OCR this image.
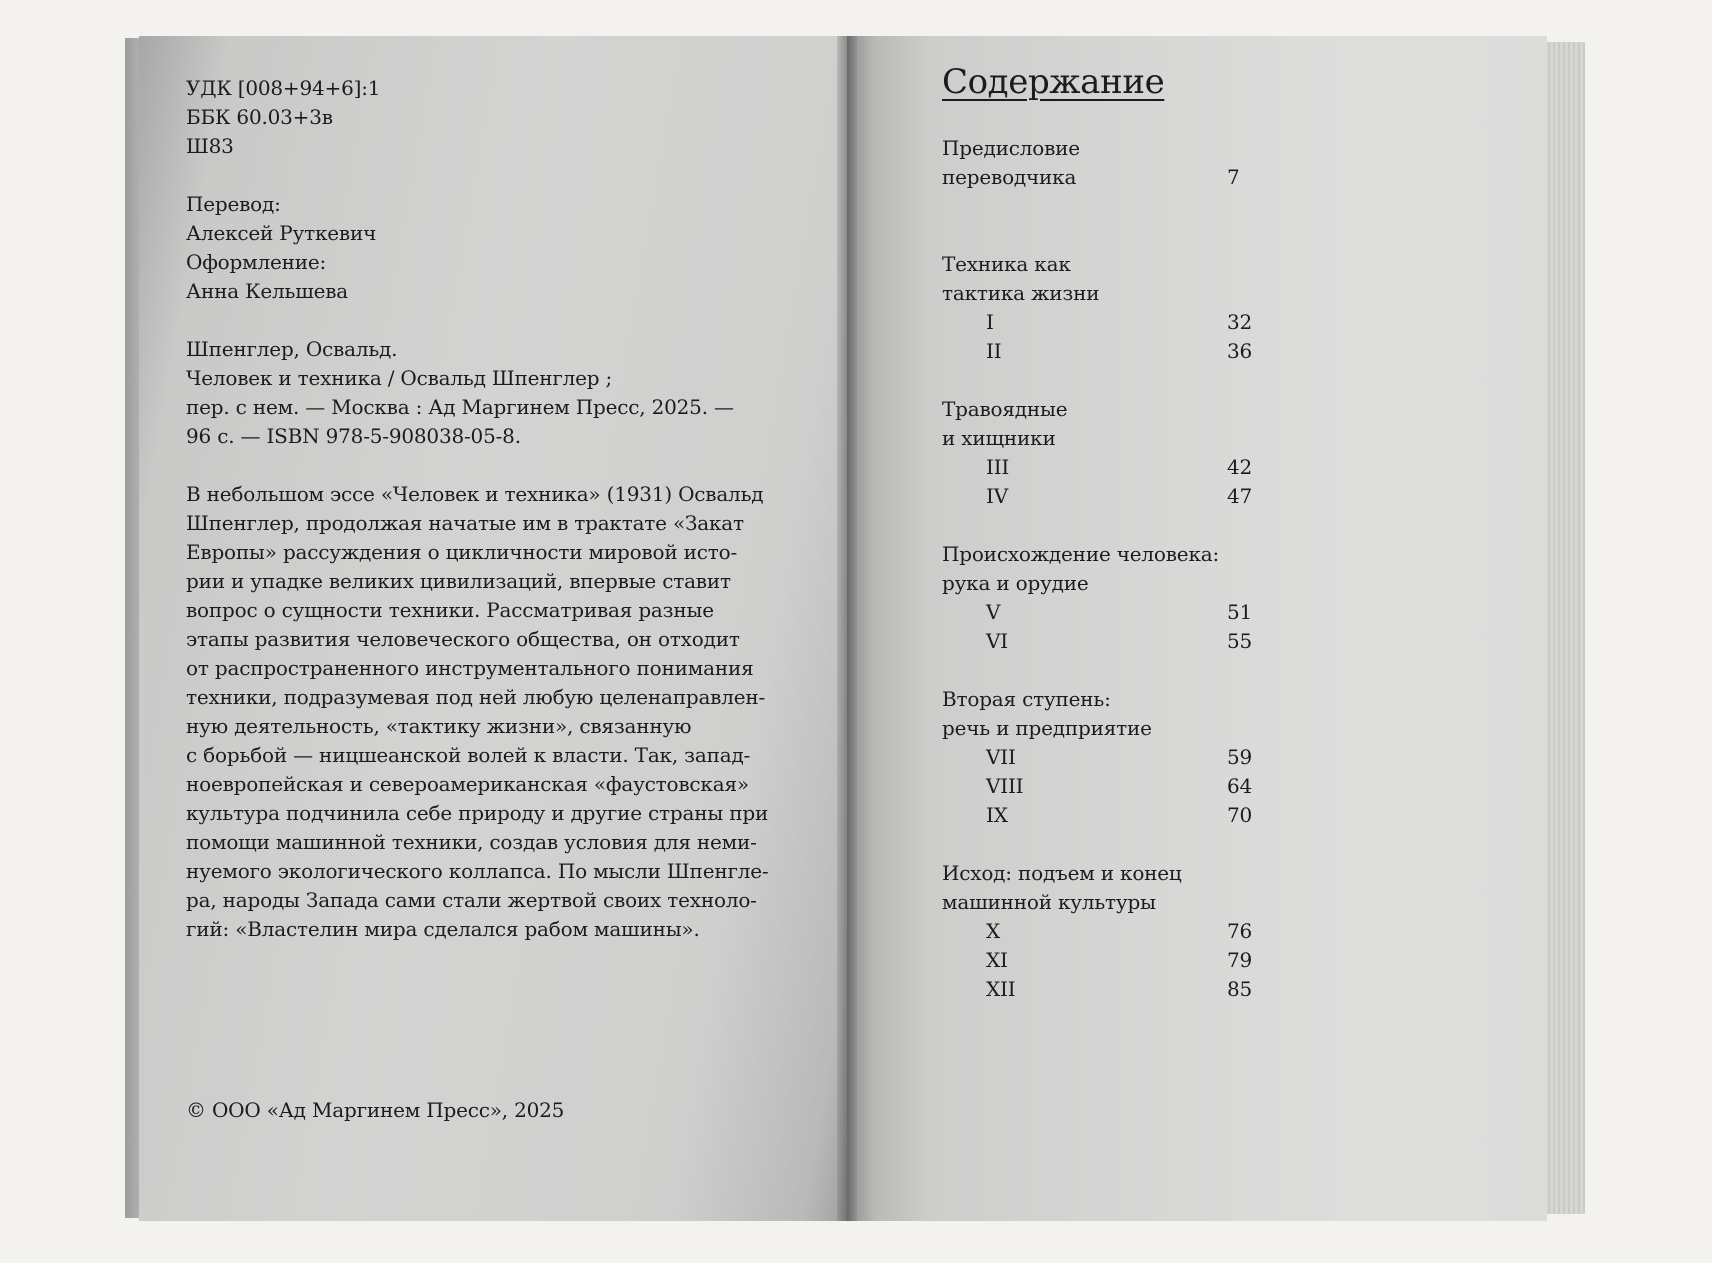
УДК [008+94+6]:1
ББК 60.03+3в
Ш83
Перевод:
Алексей Руткевич
Оформление:
Анна Кельшева
Шпенглер, Освальд.
Человек и техника / Освальд Шпенглер ;
пер. с нем. — Москва : Ад Маргинем Пресс, 2025. —
96 с. — ISBN 978-5-908038-05-8.
В небольшом эссе «Человек и техника» (1931) Освальд
Шпенглер, продолжая начатые им в трактате «Закат
Европы» рассуждения о цикличности мировой исто-
рии и упадке великих цивилизаций, впервые ставит
вопрос о сущности техники. Рассматривая разные
этапы развития человеческого общества, он отходит
от распространенного инструментального понимания
техники, подразумевая под ней любую целенаправлен-
ную деятельность, «тактику жизни», связанную
с борьбой — ницшеанской волей к власти. Так, запад-
ноевропейская и североамериканская «фаустовская»
культура подчинила себе природу и другие страны при
помощи машинной техники, создав условия для неми-
нуемого экологического коллапса. По мысли Шпенгле-
ра, народы Запада сами стали жертвой своих техноло-
гий: «Властелин мира сделался рабом машины».
© ООО «Ад Маргинем Пресс», 2025
Содержание
Предисловие
переводчика	7
Техника как
тактика жизни
I	32
II	36
Травоядные
и хищники
III	42
IV	47
Происхождение человека:
рука и орудие
V	51
VI	55
Вторая ступень:
речь и предприятие
VII	59
VIII	64
IX	70
Исход: подъем и конец
машинной культуры
X	76
XI	79
XII	85
